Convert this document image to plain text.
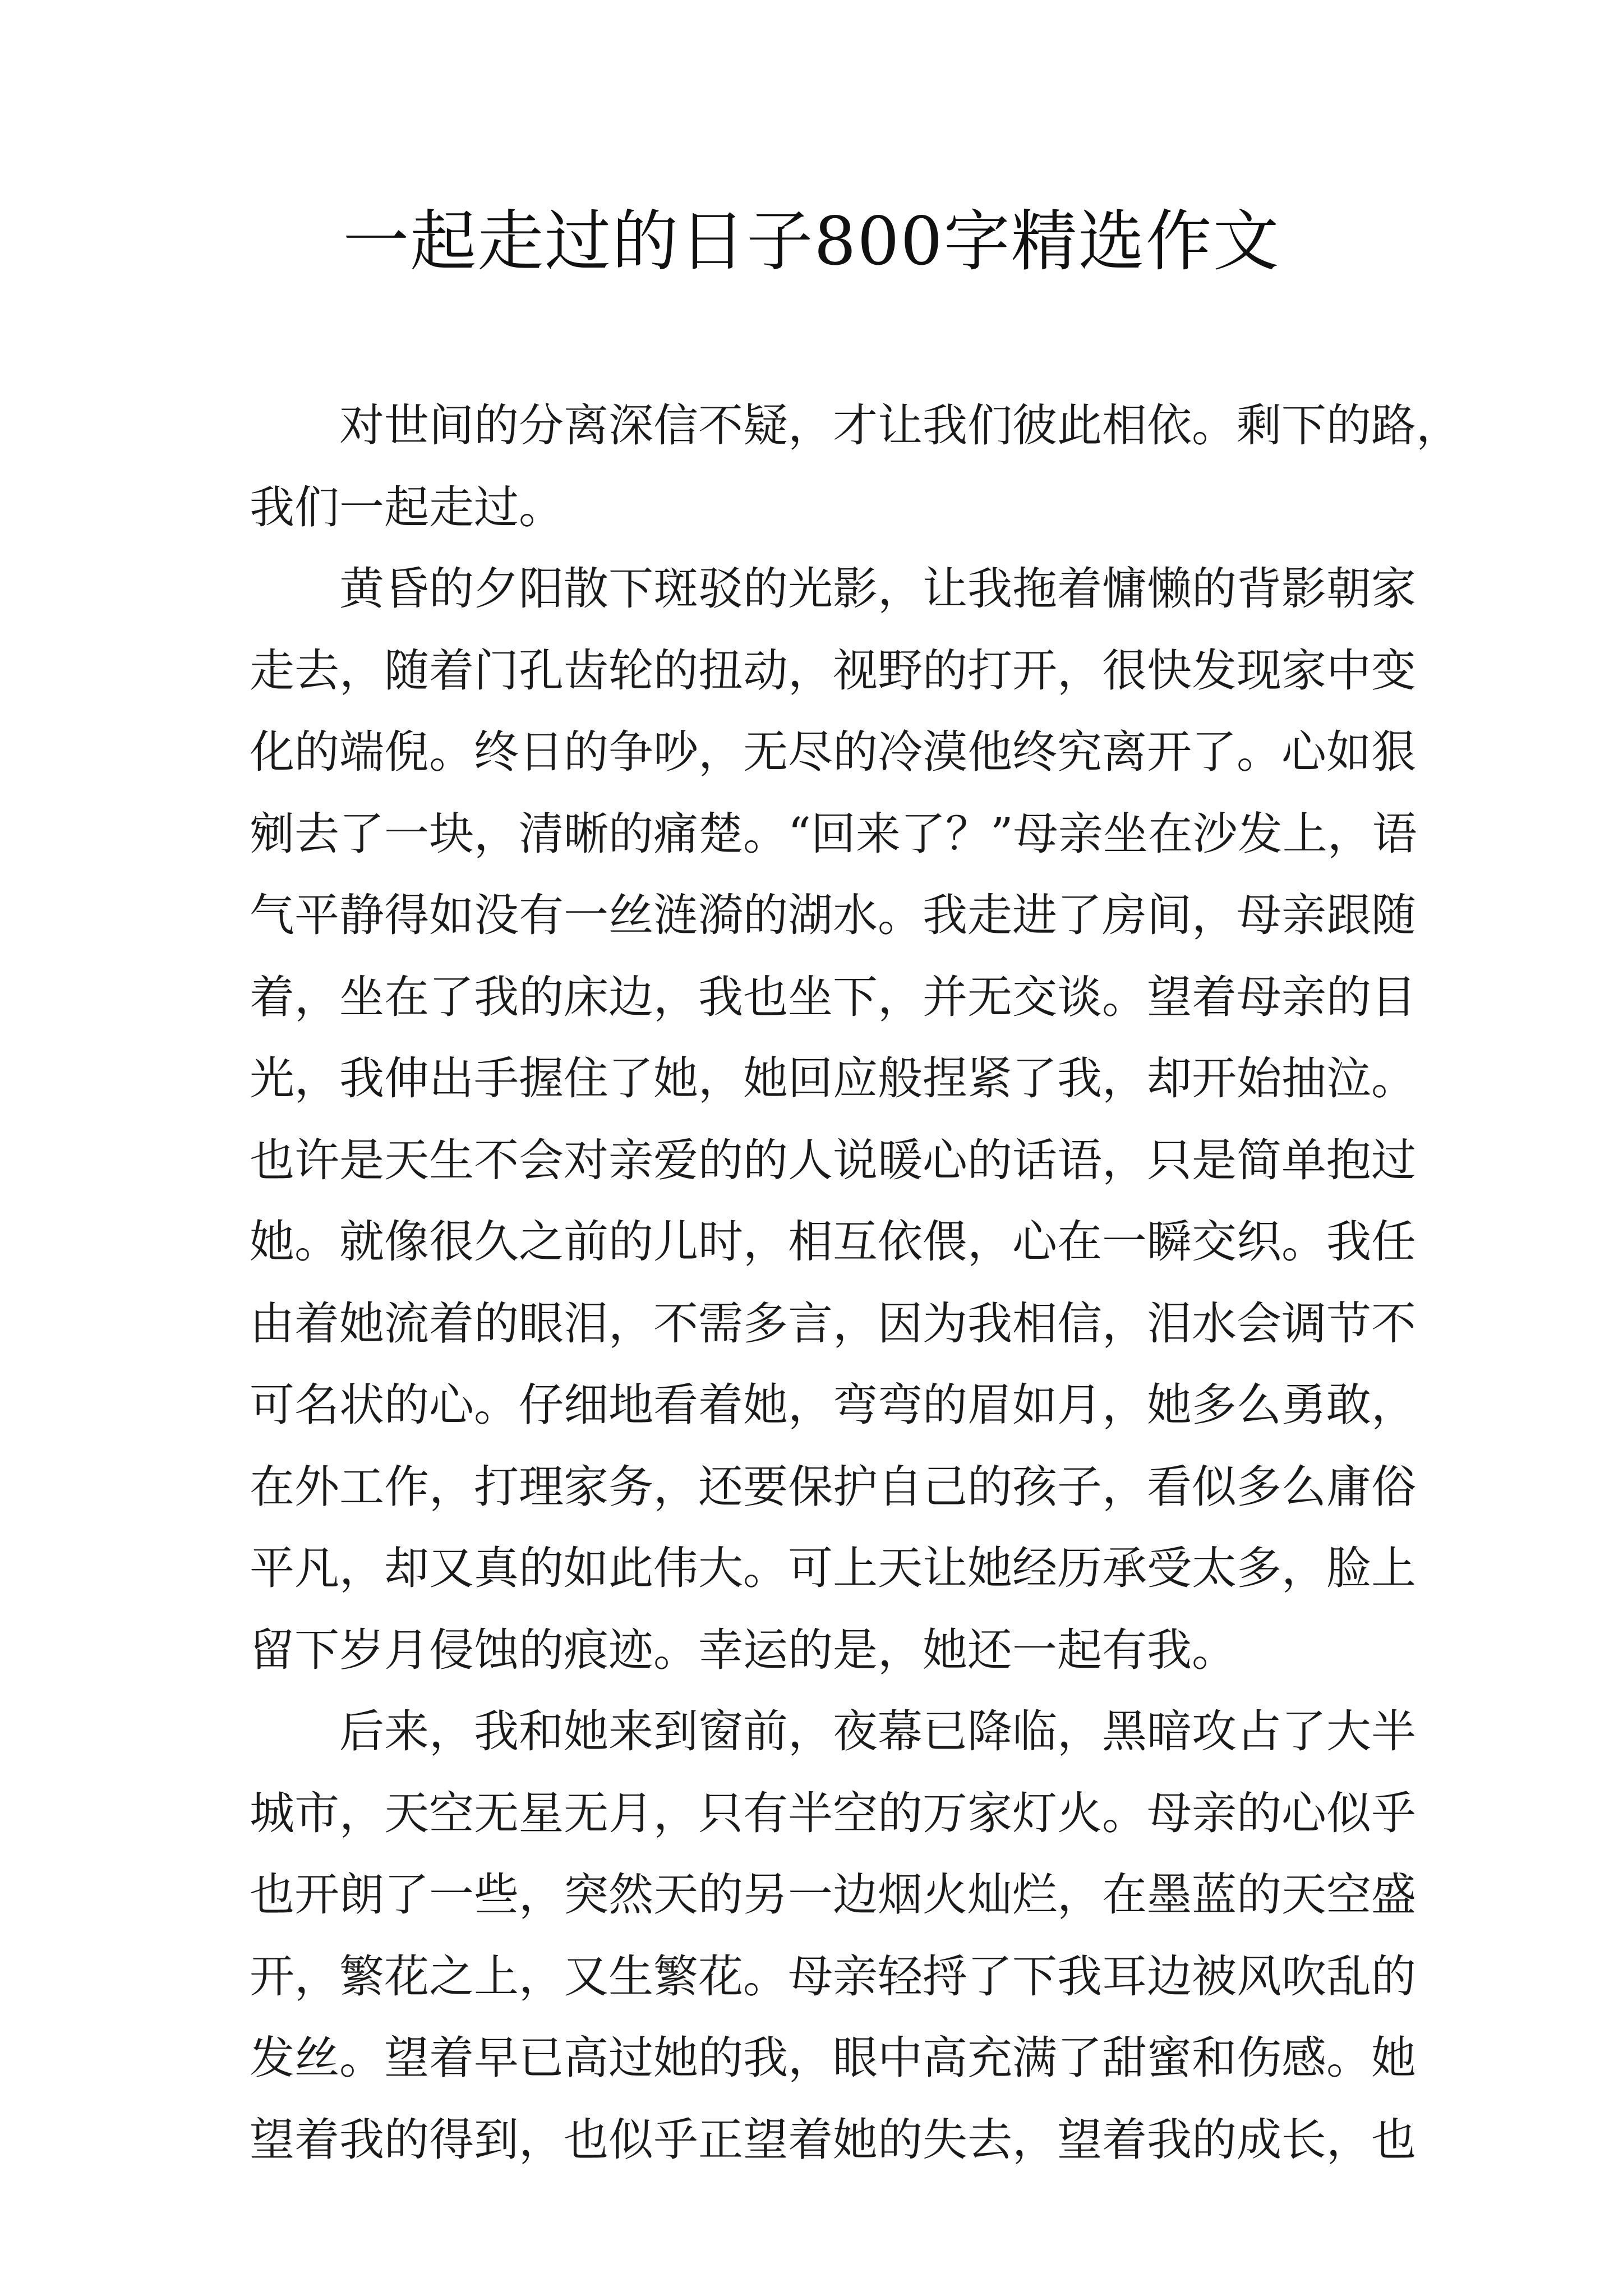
一起走过的日子800字精选作文
对世间的分离深信不疑，才让我们彼此相依。剩下的路，
我们一起走过。
黄昏的夕阳散下斑驳的光影，让我拖着慵懒的背影朝家
走去，随着门孔齿轮的扭动，视野的打开，很快发现家中变
化的端倪。终日的争吵，无尽的冷漠他终究离开了。心如狠
剜去了一块，清晰的痛楚。“回来了？”母亲坐在沙发上，语
气平静得如没有一丝涟漪的湖水。我走进了房间，母亲跟随
着，坐在了我的床边，我也坐下，并无交谈。望着母亲的目
光，我伸出手握住了她，她回应般捏紧了我，却开始抽泣。
也许是天生不会对亲爱的的人说暖心的话语，只是简单抱过
她。就像很久之前的儿时，相互依偎，心在一瞬交织。我任
由着她流着的眼泪，不需多言，因为我相信，泪水会调节不
可名状的心。仔细地看着她，弯弯的眉如月，她多么勇敢，
在外工作，打理家务，还要保护自己的孩子，看似多么庸俗
平凡，却又真的如此伟大。可上天让她经历承受太多，脸上
留下岁月侵蚀的痕迹。幸运的是，她还一起有我。
后来，我和她来到窗前，夜幕已降临，黑暗攻占了大半
城市，天空无星无月，只有半空的万家灯火。母亲的心似乎
也开朗了一些，突然天的另一边烟火灿烂，在墨蓝的天空盛
开，繁花之上，又生繁花。母亲轻捋了下我耳边被风吹乱的
发丝。望着早已高过她的我，眼中高充满了甜蜜和伤感。她
望着我的得到，也似乎正望着她的失去，望着我的成长，也
